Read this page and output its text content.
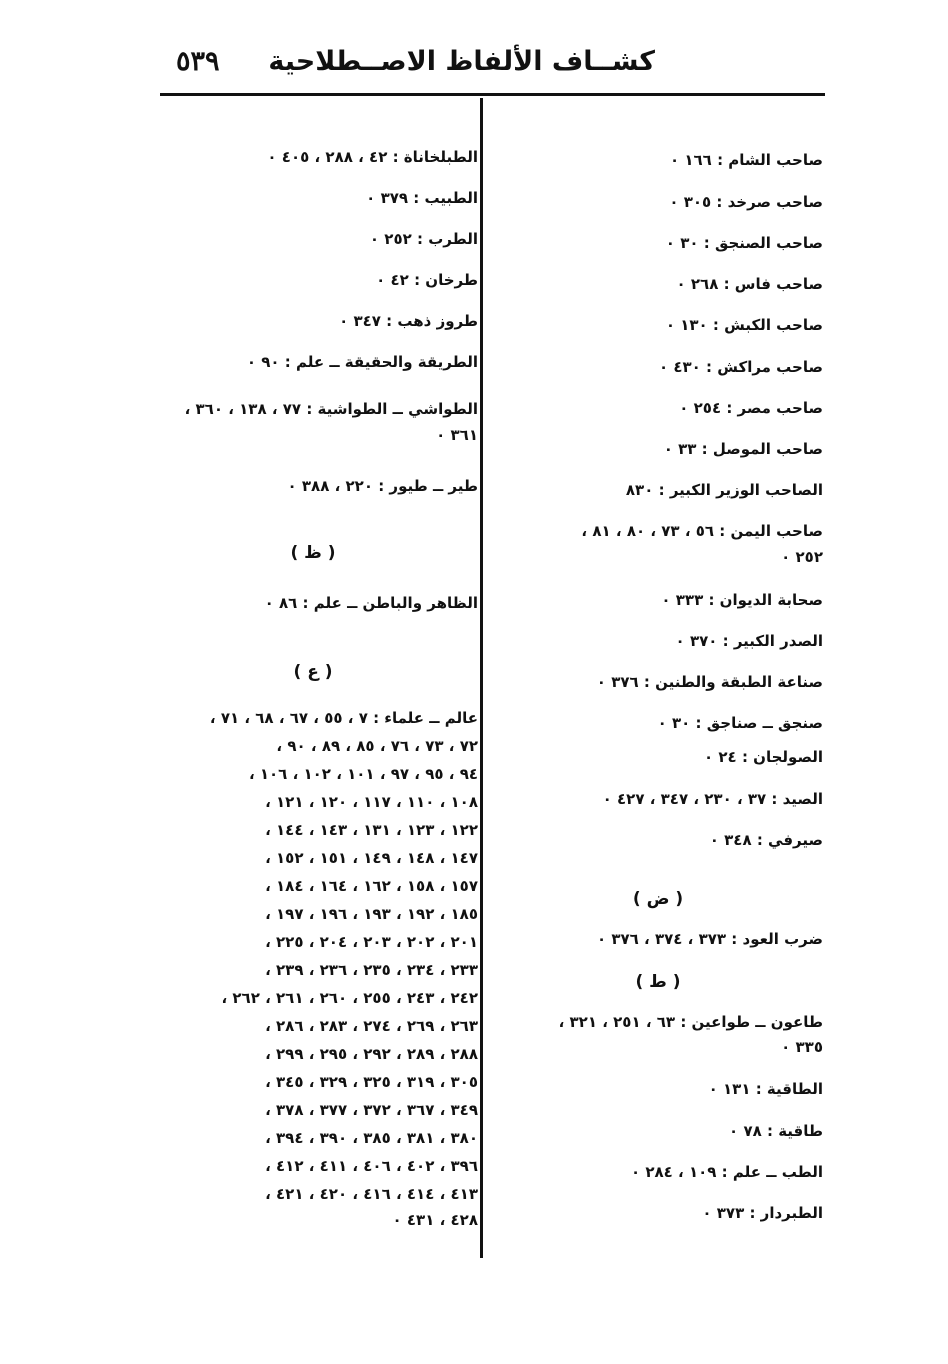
٥٣٩ كشــاف الألفاظ الاصــطلاحية
صاحب الشام : ١٦٦ ٠
صاحب صرخد : ٣٠٥ ٠
صاحب الصنجق : ٣٠ ٠
صاحب فاس : ٢٦٨ ٠
صاحب الكبش : ١٣٠ ٠
صاحب مراكش : ٤٣٠ ٠
صاحب مصر : ٢٥٤ ٠
صاحب الموصل : ٣٣ ٠
الصاحب الوزير الكبير : ٨٣٠
صاحب اليمن : ٥٦ ، ٧٣ ، ٨٠ ، ٨١ ،
٢٥٢ ٠
صحابة الديوان : ٣٣٣ ٠
الصدر الكبير : ٣٧٠ ٠
صناعة الطبقة والطنين : ٣٧٦ ٠
صنجق ــ صناجق : ٣٠ ٠
الصولجان : ٢٤ ٠
الصيد : ٣٧ ، ٢٣٠ ، ٣٤٧ ، ٤٢٧ ٠
صيرفي : ٣٤٨ ٠
( ض )
ضرب العود : ٣٧٣ ، ٣٧٤ ، ٣٧٦ ٠
( ط )
طاعون ــ طواعين : ٦٣ ، ٢٥١ ، ٣٢١ ،
٣٣٥ ٠
الطاقية : ١٣١ ٠
طاقية : ٧٨ ٠
الطب ــ علم : ١٠٩ ، ٢٨٤ ٠
الطبردار : ٣٧٣ ٠
الطبلخاناة : ٤٢ ، ٢٨٨ ، ٤٠٥ ٠
الطبيب : ٣٧٩ ٠
الطرب : ٢٥٢ ٠
طرخان : ٤٢ ٠
طروز ذهب : ٣٤٧ ٠
الطريقة والحقيقة ــ علم : ٩٠ ٠
الطواشي ــ الطواشية : ٧٧ ، ١٣٨ ، ٣٦٠ ،
٣٦١ ٠
طير ــ طيور : ٢٢٠ ، ٣٨٨ ٠
( ظ )
الظاهر والباطن ــ علم : ٨٦ ٠
( ع )
عالم ــ علماء : ٧ ، ٥٥ ، ٦٧ ، ٦٨ ، ٧١ ،
٧٢ ، ٧٣ ، ٧٦ ، ٨٥ ، ٨٩ ، ٩٠ ،
٩٤ ، ٩٥ ، ٩٧ ، ١٠١ ، ١٠٢ ، ١٠٦ ،
١٠٨ ، ١١٠ ، ١١٧ ، ١٢٠ ، ١٢١ ،
١٢٢ ، ١٢٣ ، ١٣١ ، ١٤٣ ، ١٤٤ ،
١٤٧ ، ١٤٨ ، ١٤٩ ، ١٥١ ، ١٥٢ ،
١٥٧ ، ١٥٨ ، ١٦٢ ، ١٦٤ ، ١٨٤ ،
١٨٥ ، ١٩٢ ، ١٩٣ ، ١٩٦ ، ١٩٧ ،
٢٠١ ، ٢٠٢ ، ٢٠٣ ، ٢٠٤ ، ٢٢٥ ،
٢٣٣ ، ٢٣٤ ، ٢٣٥ ، ٢٣٦ ، ٢٣٩ ،
٢٤٢ ، ٢٤٣ ، ٢٥٥ ، ٢٦٠ ، ٢٦١ ، ٢٦٢ ،
٢٦٣ ، ٢٦٩ ، ٢٧٤ ، ٢٨٣ ، ٢٨٦ ،
٢٨٨ ، ٢٨٩ ، ٢٩٢ ، ٢٩٥ ، ٢٩٩ ،
٣٠٥ ، ٣١٩ ، ٣٢٥ ، ٣٢٩ ، ٣٤٥ ،
٣٤٩ ، ٣٦٧ ، ٣٧٢ ، ٣٧٧ ، ٣٧٨ ،
٣٨٠ ، ٣٨١ ، ٣٨٥ ، ٣٩٠ ، ٣٩٤ ،
٣٩٦ ، ٤٠٢ ، ٤٠٦ ، ٤١١ ، ٤١٢ ،
٤١٣ ، ٤١٤ ، ٤١٦ ، ٤٢٠ ، ٤٢١ ،
٤٢٨ ، ٤٣١ ٠
